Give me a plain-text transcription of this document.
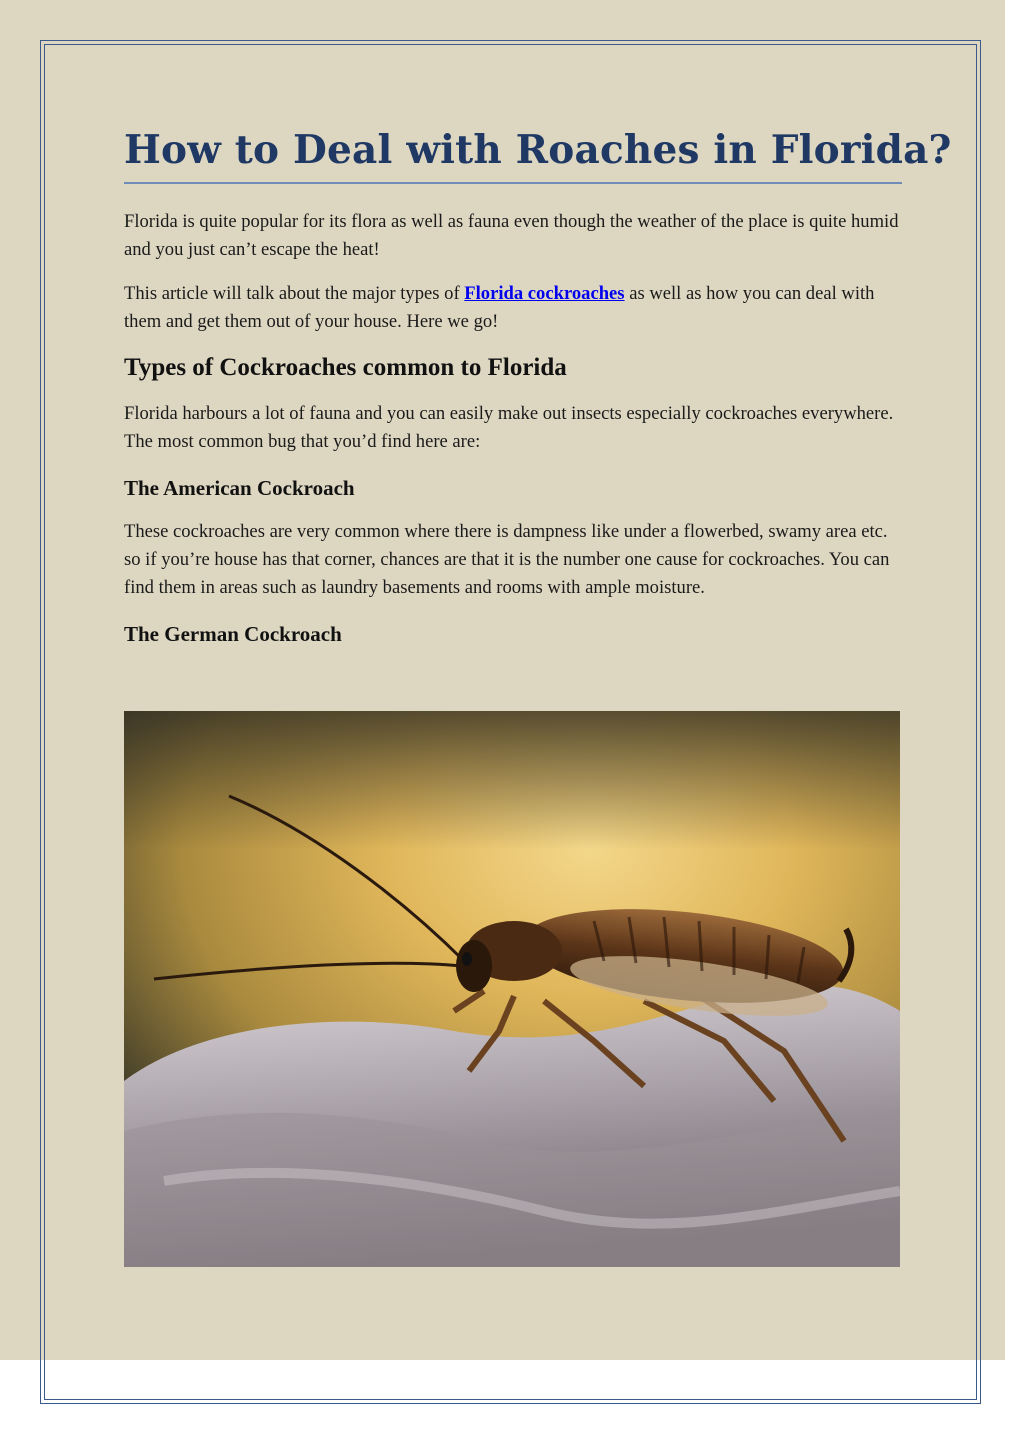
How to Deal with Roaches in Florida?

Florida is quite popular for its flora as well as fauna even though the weather of the place is quite humid and you just can’t escape the heat!

This article will talk about the major types of Florida cockroaches as well as how you can deal with them and get them out of your house. Here we go!

Types of Cockroaches common to Florida

Florida harbours a lot of fauna and you can easily make out insects especially cockroaches everywhere. The most common bug that you’d find here are:

The American Cockroach

These cockroaches are very common where there is dampness like under a flowerbed, swamy area etc. so if you’re house has that corner, chances are that it is the number one cause for cockroaches. You can find them in areas such as laundry basements and rooms with ample moisture.

The German Cockroach
